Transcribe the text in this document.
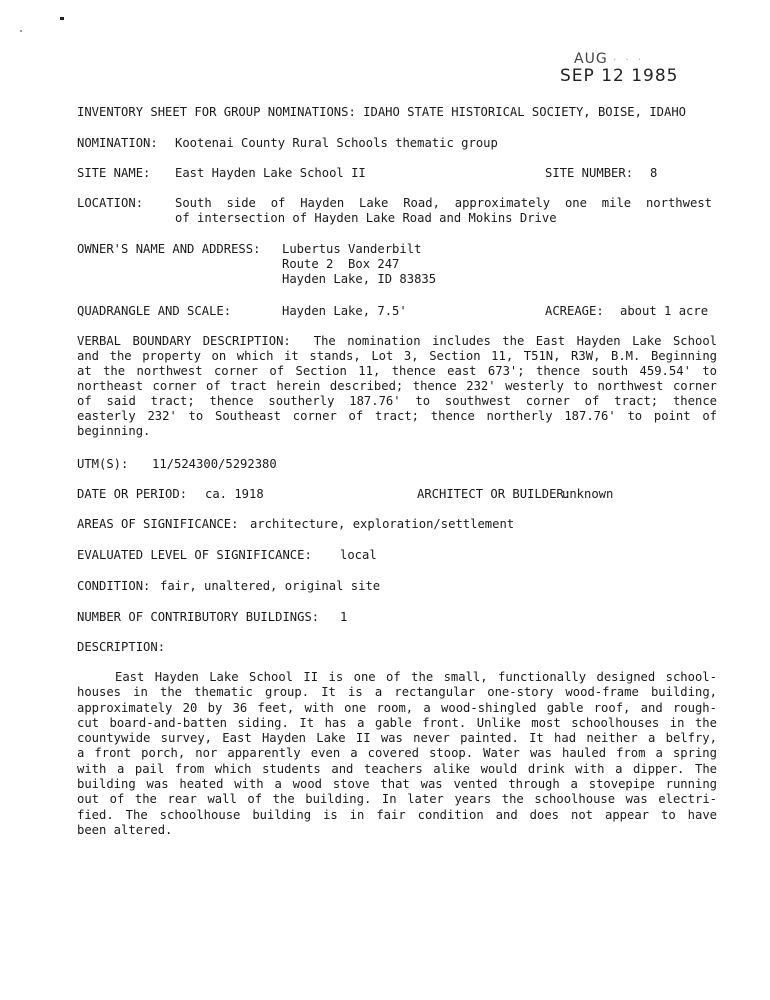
AUG · · ·
SEP 12 1985
INVENTORY SHEET FOR GROUP NOMINATIONS: IDAHO STATE HISTORICAL SOCIETY, BOISE, IDAHO
NOMINATION: Kootenai County Rural Schools thematic group
SITE NAME: East Hayden Lake School II	SITE NUMBER: 8
LOCATION:	South side of Hayden Lake Road, approximately one mile northwest
of intersection of Hayden Lake Road and Mokins Drive
OWNER'S NAME AND ADDRESS: Lubertus Vanderbilt
Route 2  Box 247
Hayden Lake, ID 83835
QUADRANGLE AND SCALE:	Hayden Lake, 7.5'	ACREAGE: about 1 acre
VERBAL BOUNDARY DESCRIPTION: The nomination includes the East Hayden Lake School
and the property on which it stands, Lot 3, Section 11, T51N, R3W, B.M. Beginning
at the northwest corner of Section 11, thence east 673'; thence south 459.54' to
northeast corner of tract herein described; thence 232' westerly to northwest corner
of said tract; thence southerly 187.76' to southwest corner of tract; thence
easterly 232' to Southeast corner of tract; thence northerly 187.76' to point of
beginning.
UTM(S): 11/524300/5292380
DATE OR PERIOD: ca. 1918	ARCHITECT OR BUILDER:
unknown
AREAS OF SIGNIFICANCE: architecture, exploration/settlement
EVALUATED LEVEL OF SIGNIFICANCE: local
CONDITION: fair, unaltered, original site
NUMBER OF CONTRIBUTORY BUILDINGS: 1
DESCRIPTION:
East Hayden Lake School II is one of the small, functionally designed school-
houses in the thematic group. It is a rectangular one-story wood-frame building,
approximately 20 by 36 feet, with one room, a wood-shingled gable roof, and rough-
cut board-and-batten siding. It has a gable front. Unlike most schoolhouses in the
countywide survey, East Hayden Lake II was never painted. It had neither a belfry,
a front porch, nor apparently even a covered stoop. Water was hauled from a spring
with a pail from which students and teachers alike would drink with a dipper. The
building was heated with a wood stove that was vented through a stovepipe running
out of the rear wall of the building. In later years the schoolhouse was electri-
fied. The schoolhouse building is in fair condition and does not appear to have
been altered.
